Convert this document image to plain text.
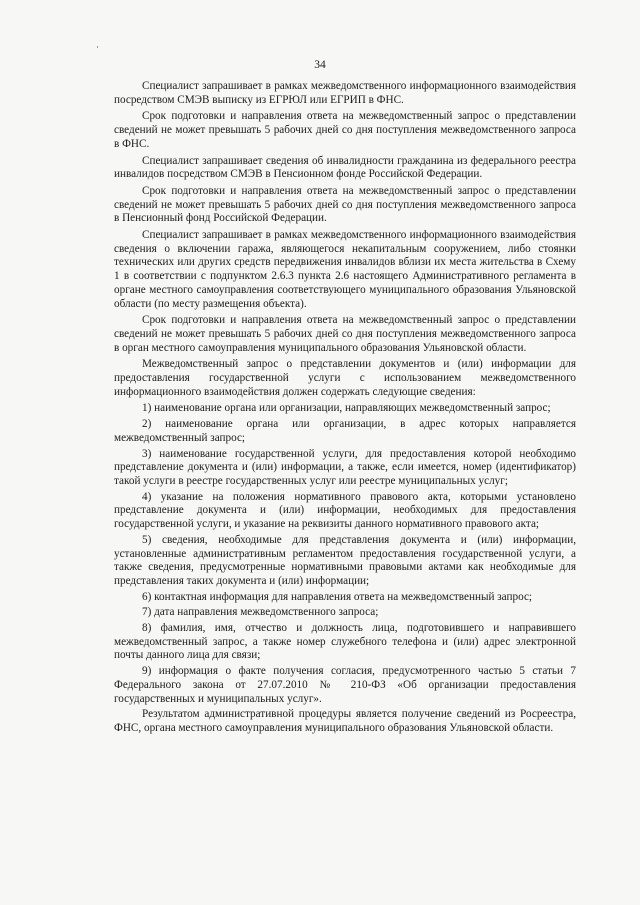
34

Специалист запрашивает в рамках межведомственного информационного взаимодействия посредством СМЭВ выписку из ЕГРЮЛ или ЕГРИП в ФНС.

Срок подготовки и направления ответа на межведомственный запрос о представлении сведений не может превышать 5 рабочих дней со дня поступления межведомственного запроса в ФНС.

Специалист запрашивает сведения об инвалидности гражданина из федерального реестра инвалидов посредством СМЭВ в Пенсионном фонде Российской Федерации.

Срок подготовки и направления ответа на межведомственный запрос о представлении сведений не может превышать 5 рабочих дней со дня поступления межведомственного запроса в Пенсионный фонд Российской Федерации.

Специалист запрашивает в рамках межведомственного информационного взаимодействия сведения о включении гаража, являющегося некапитальным сооружением, либо стоянки технических или других средств передвижения инвалидов вблизи их места жительства в Схему 1 в соответствии с подпунктом 2.6.3 пункта 2.6 настоящего Административного регламента в органе местного самоуправления соответствующего муниципального образования Ульяновской области (по месту размещения объекта).

Срок подготовки и направления ответа на межведомственный запрос о представлении сведений не может превышать 5 рабочих дней со дня поступления межведомственного запроса в орган местного самоуправления муниципального образования Ульяновской области.

Межведомственный запрос о представлении документов и (или) информации для предоставления государственной услуги с использованием межведомственного информационного взаимодействия должен содержать следующие сведения:

1) наименование органа или организации, направляющих межведомственный запрос;

2) наименование органа или организации, в адрес которых направляется межведомственный запрос;

3) наименование государственной услуги, для предоставления которой необходимо представление документа и (или) информации, а также, если имеется, номер (идентификатор) такой услуги в реестре государственных услуг или реестре муниципальных услуг;

4) указание на положения нормативного правового акта, которыми установлено представление документа и (или) информации, необходимых для предоставления государственной услуги, и указание на реквизиты данного нормативного правового акта;

5) сведения, необходимые для представления документа и (или) информации, установленные административным регламентом предоставления государственной услуги, а также сведения, предусмотренные нормативными правовыми актами как необходимые для представления таких документа и (или) информации;

6) контактная информация для направления ответа на межведомственный запрос;

7) дата направления межведомственного запроса;

8) фамилия, имя, отчество и должность лица, подготовившего и направившего межведомственный запрос, а также номер служебного телефона и (или) адрес электронной почты данного лица для связи;

9) информация о факте получения согласия, предусмотренного частью 5 статьи 7 Федерального закона от 27.07.2010 № 210-ФЗ «Об организации предоставления государственных и муниципальных услуг».

Результатом административной процедуры является получение сведений из Росреестра, ФНС, органа местного самоуправления муниципального образования Ульяновской области.
